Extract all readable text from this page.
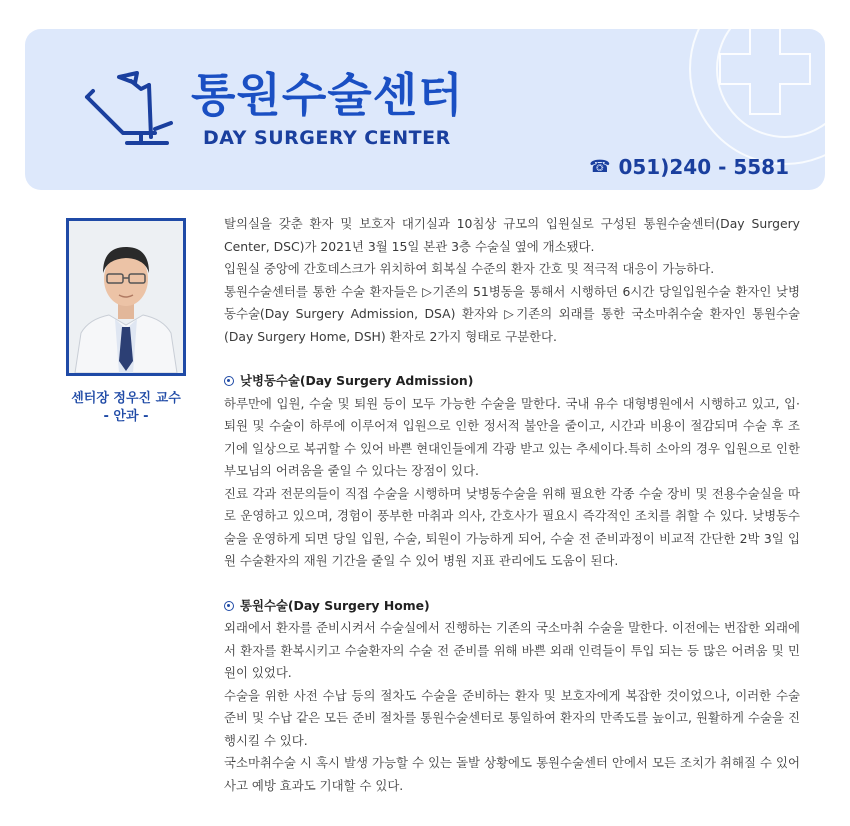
통원수술센터
DAY SURGERY CENTER
☎ 051)240 - 5581
센터장 정우진 교수
- 안과 -

탈의실을 갖춘 환자 및 보호자 대기실과 10침상 규모의 입원실로 구성된 통원수술센터(Day Surgery Center, DSC)가 2021년 3월 15일 본관 3층 수술실 옆에 개소됐다.

입원실 중앙에 간호데스크가 위치하여 회복실 수준의 환자 간호 및 적극적 대응이 가능하다.

통원수술센터를 통한 수술 환자들은 ▷기존의 51병동을 통해서 시행하던 6시간 당일입원수술 환자인 낮병동수술(Day Surgery Admission, DSA) 환자와 ▷기존의 외래를 통한 국소마취수술 환자인 통원수술(Day Surgery Home, DSH) 환자로 2가지 형태로 구분한다.

낮병동수술(Day Surgery Admission)

하루만에 입원, 수술 및 퇴원 등이 모두 가능한 수술을 말한다. 국내 유수 대형병원에서 시행하고 있고, 입·퇴원 및 수술이 하루에 이루어져 입원으로 인한 정서적 불안을 줄이고, 시간과 비용이 절감되며 수술 후 조기에 일상으로 복귀할 수 있어 바쁜 현대인들에게 각광 받고 있는 추세이다.특히 소아의 경우 입원으로 인한 부모님의 어려움을 줄일 수 있다는 장점이 있다.

진료 각과 전문의들이 직접 수술을 시행하며 낮병동수술을 위해 필요한 각종 수술 장비 및 전용수술실을 따로 운영하고 있으며, 경험이 풍부한 마취과 의사, 간호사가 필요시 즉각적인 조치를 취할 수 있다. 낮병동수술을 운영하게 되면 당일 입원, 수술, 퇴원이 가능하게 되어, 수술 전 준비과정이 비교적 간단한 2박 3일 입원 수술환자의 재원 기간을 줄일 수 있어 병원 지표 관리에도 도움이 된다.

통원수술(Day Surgery Home)

외래에서 환자를 준비시켜서 수술실에서 진행하는 기존의 국소마취 수술을 말한다. 이전에는 번잡한 외래에서 환자를 환복시키고 수술환자의 수술 전 준비를 위해 바쁜 외래 인력들이 투입 되는 등 많은 어려움 및 민원이 있었다.

수술을 위한 사전 수납 등의 절차도 수술을 준비하는 환자 및 보호자에게 복잡한 것이었으나, 이러한 수술 준비 및 수납 같은 모든 준비 절차를 통원수술센터로 통일하여 환자의 만족도를 높이고, 원활하게 수술을 진행시킬 수 있다.

국소마취수술 시 혹시 발생 가능할 수 있는 돌발 상황에도 통원수술센터 안에서 모든 조치가 취해질 수 있어 사고 예방 효과도 기대할 수 있다.
